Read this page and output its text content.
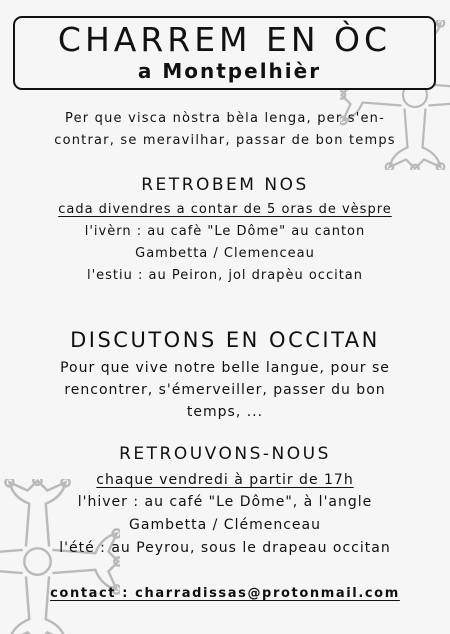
CHARREM EN ÒC
a Montpelhièr
Per que visca nòstra bèla lenga, per s'en-
contrar, se meravilhar, passar de bon temps
RETROBEM NOS
cada divendres a contar de 5 oras de vèspre
l'ivèrn : au cafè "Le Dôme" au canton
Gambetta / Clemenceau
l'estiu : au Peiron, jol drapèu occitan
DISCUTONS EN OCCITAN
Pour que vive notre belle langue, pour se
rencontrer, s'émerveiller, passer du bon
temps, ...
RETROUVONS-NOUS
chaque vendredi à partir de 17h
l'hiver : au café "Le Dôme", à l'angle
Gambetta / Clémenceau
l'été : au Peyrou, sous le drapeau occitan
contact : charradissas@protonmail.com
